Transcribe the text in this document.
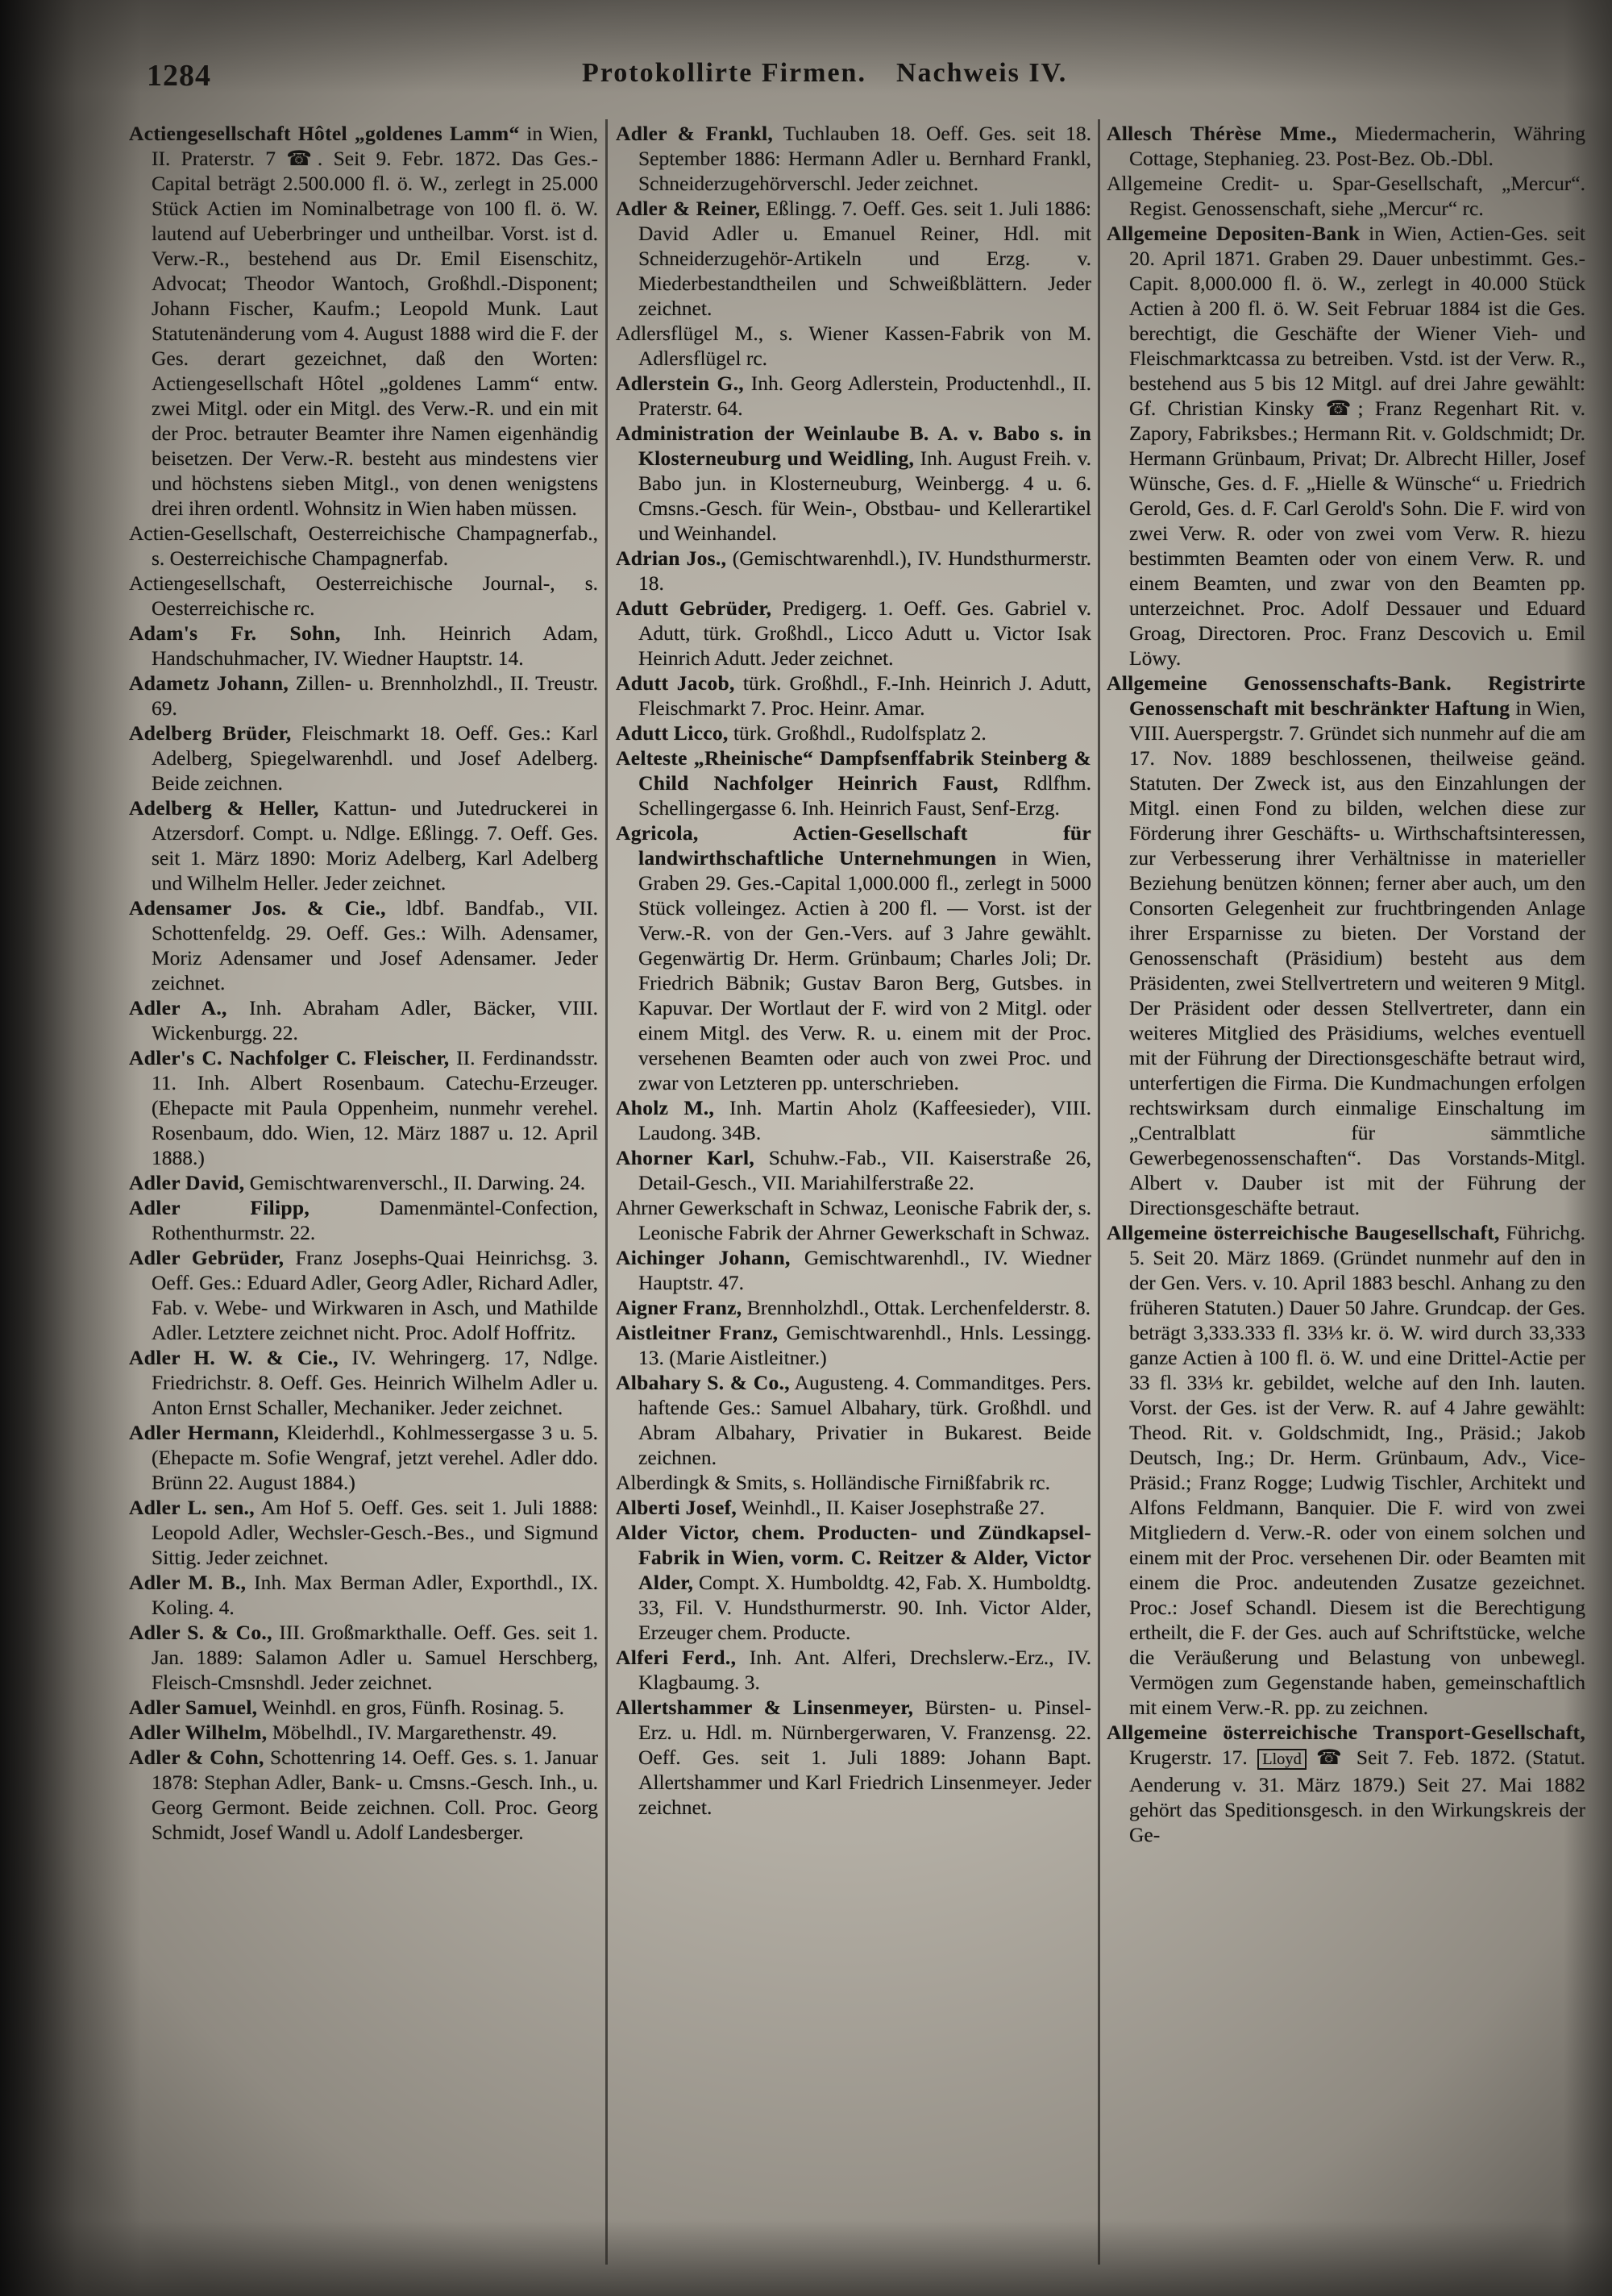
1284	Protokollirte Firmen. Nachweis IV.

Actiengesellschaft Hôtel „goldenes Lamm“ in Wien, II. Praterstr. 7 ☎. Seit 9. Febr. 1872. Das Ges.-Capital beträgt 2.500.000 fl. ö. W., zerlegt in 25.000 Stück Actien im Nominalbetrage von 100 fl. ö. W. lautend auf Ueberbringer und untheilbar. Vorst. ist d. Verw.-R., bestehend aus Dr. Emil Eisenschitz, Advocat; Theodor Wantoch, Großhdl.-Disponent; Johann Fischer, Kaufm.; Leopold Munk. Laut Statutenänderung vom 4. August 1888 wird die F. der Ges. derart gezeichnet, daß den Worten: Actiengesellschaft Hôtel „goldenes Lamm“ entw. zwei Mitgl. oder ein Mitgl. des Verw.-R. und ein mit der Proc. betrauter Beamter ihre Namen eigenhändig beisetzen. Der Verw.-R. besteht aus mindestens vier und höchstens sieben Mitgl., von denen wenigstens drei ihren ordentl. Wohnsitz in Wien haben müssen.

Actien-Gesellschaft, Oesterreichische Champagnerfab., s. Oesterreichische Champagnerfab.

Actiengesellschaft, Oesterreichische Journal-, s. Oesterreichische rc.

Adam's Fr. Sohn, Inh. Heinrich Adam, Handschuhmacher, IV. Wiedner Hauptstr. 14.

Adametz Johann, Zillen- u. Brennholzhdl., II. Treustr. 69.

Adelberg Brüder, Fleischmarkt 18. Oeff. Ges.: Karl Adelberg, Spiegelwarenhdl. und Josef Adelberg. Beide zeichnen.

Adelberg & Heller, Kattun- und Jutedruckerei in Atzersdorf. Compt. u. Ndlge. Eßlingg. 7. Oeff. Ges. seit 1. März 1890: Moriz Adelberg, Karl Adelberg und Wilhelm Heller. Jeder zeichnet.

Adensamer Jos. & Cie., ldbf. Bandfab., VII. Schottenfeldg. 29. Oeff. Ges.: Wilh. Adensamer, Moriz Adensamer und Josef Adensamer. Jeder zeichnet.

Adler A., Inh. Abraham Adler, Bäcker, VIII. Wickenburgg. 22.

Adler's C. Nachfolger C. Fleischer, II. Ferdinandsstr. 11. Inh. Albert Rosenbaum. Catechu-Erzeuger. (Ehepacte mit Paula Oppenheim, nunmehr verehel. Rosenbaum, ddo. Wien, 12. März 1887 u. 12. April 1888.)

Adler David, Gemischtwarenverschl., II. Darwing. 24.

Adler Filipp,	Damenmäntel-Confection, Rothenthurmstr. 22.

Adler Gebrüder, Franz Josephs-Quai Heinrichsg. 3. Oeff. Ges.: Eduard Adler, Georg Adler, Richard Adler, Fab. v. Webe- und Wirkwaren in Asch, und Mathilde Adler. Letztere zeichnet nicht. Proc. Adolf Hoffritz.

Adler H. W. & Cie., IV. Wehringerg. 17, Ndlge. Friedrichstr. 8. Oeff. Ges. Heinrich Wilhelm Adler u. Anton Ernst Schaller, Mechaniker. Jeder zeichnet.

Adler Hermann, Kleiderhdl., Kohlmessergasse 3 u. 5. (Ehepacte m. Sofie Wengraf, jetzt verehel. Adler ddo. Brünn 22. August 1884.)

Adler L. sen., Am Hof 5. Oeff. Ges. seit 1. Juli 1888: Leopold Adler, Wechsler-Gesch.-Bes., und Sigmund Sittig. Jeder zeichnet.

Adler M. B., Inh. Max Berman Adler, Exporthdl., IX. Koling. 4.

Adler S. & Co., III. Großmarkthalle. Oeff. Ges. seit 1. Jan. 1889: Salamon Adler u. Samuel Herschberg, Fleisch-Cmsnshdl. Jeder zeichnet.

Adler Samuel, Weinhdl. en gros, Fünfh. Rosinag. 5.

Adler Wilhelm, Möbelhdl., IV. Margarethenstr. 49.

Adler & Cohn, Schottenring 14. Oeff. Ges. s. 1. Januar 1878: Stephan Adler, Bank- u. Cmsns.-Gesch. Inh., u. Georg Germont. Beide zeichnen. Coll. Proc. Georg Schmidt, Josef Wandl u. Adolf Landesberger.

Adler & Frankl, Tuchlauben 18. Oeff. Ges. seit 18. September 1886: Hermann Adler u. Bernhard Frankl, Schneiderzugehörverschl. Jeder zeichnet.

Adler & Reiner, Eßlingg. 7. Oeff. Ges. seit 1. Juli 1886: David Adler u. Emanuel Reiner, Hdl. mit Schneiderzugehör-Artikeln und Erzg. v. Miederbestandtheilen und Schweißblättern. Jeder zeichnet.

Adlersflügel M., s. Wiener Kassen-Fabrik von M. Adlersflügel rc.

Adlerstein G., Inh. Georg Adlerstein, Productenhdl., II. Praterstr. 64.

Administration der Weinlaube B. A. v. Babo s. in Klosterneuburg und Weidling, Inh. August Freih. v. Babo jun. in Klosterneuburg, Weinbergg. 4 u. 6. Cmsns.-Gesch. für Wein-, Obstbau- und Kellerartikel und Weinhandel.

Adrian Jos., (Gemischtwarenhdl.), IV. Hundsthurmerstr. 18.

Adutt Gebrüder, Predigerg. 1. Oeff. Ges. Gabriel v. Adutt, türk. Großhdl., Licco Adutt u. Victor Isak Heinrich Adutt. Jeder zeichnet.

Adutt Jacob, türk. Großhdl., F.-Inh. Heinrich J. Adutt, Fleischmarkt 7. Proc. Heinr. Amar.

Adutt Licco, türk. Großhdl., Rudolfsplatz 2.

Aelteste „Rheinische“ Dampfsenffabrik Steinberg & Child Nachfolger Heinrich Faust, Rdlfhm. Schellingergasse 6. Inh. Heinrich Faust, Senf-Erzg.

Agricola, Actien-Gesellschaft für landwirthschaftliche Unternehmungen in Wien, Graben 29. Ges.-Capital 1,000.000 fl., zerlegt in 5000 Stück volleingez. Actien à 200 fl. — Vorst. ist der Verw.-R. von der Gen.-Vers. auf 3 Jahre gewählt. Gegenwärtig Dr. Herm. Grünbaum; Charles Joli; Dr. Friedrich Bäbnik; Gustav Baron Berg, Gutsbes. in Kapuvar. Der Wortlaut der F. wird von 2 Mitgl. oder einem Mitgl. des Verw. R. u. einem mit der Proc. versehenen Beamten oder auch von zwei Proc. und zwar von Letzteren pp. unterschrieben.

Aholz M., Inh. Martin Aholz (Kaffeesieder), VIII. Laudong. 34B.

Ahorner Karl, Schuhw.-Fab., VII. Kaiserstraße 26, Detail-Gesch., VII. Mariahilferstraße 22.

Ahrner Gewerkschaft in Schwaz, Leonische Fabrik der, s. Leonische Fabrik der Ahrner Gewerkschaft in Schwaz.

Aichinger Johann, Gemischtwarenhdl., IV. Wiedner Hauptstr. 47.

Aigner Franz, Brennholzhdl., Ottak. Lerchenfelderstr. 8.

Aistleitner Franz, Gemischtwarenhdl., Hnls. Lessingg. 13. (Marie Aistleitner.)

Albahary S. & Co., Augusteng. 4. Commanditges. Pers. haftende Ges.: Samuel Albahary, türk. Großhdl. und Abram Albahary, Privatier in Bukarest. Beide zeichnen.

Alberdingk & Smits, s. Holländische Firnißfabrik rc.

Alberti Josef, Weinhdl., II. Kaiser Josephstraße 27.

Alder Victor, chem. Producten- und Zündkapsel-Fabrik in Wien, vorm. C. Reitzer & Alder, Victor Alder, Compt. X. Humboldtg. 42, Fab. X. Humboldtg. 33, Fil. V. Hundsthurmerstr. 90. Inh. Victor Alder, Erzeuger chem. Producte.

Alferi Ferd., Inh. Ant. Alferi, Drechslerw.-Erz., IV. Klagbaumg. 3.

Allertshammer & Linsenmeyer, Bürsten- u. Pinsel-Erz. u. Hdl. m. Nürnbergerwaren, V. Franzensg. 22. Oeff. Ges. seit 1. Juli 1889: Johann Bapt. Allertshammer und Karl Friedrich Linsenmeyer. Jeder zeichnet.

Allesch Thérèse Mme., Miedermacherin, Währing Cottage, Stephanieg. 23. Post-Bez. Ob.-Dbl.

Allgemeine Credit- u. Spar-Gesellschaft, „Mercur“. Regist. Genossenschaft, siehe „Mercur“ rc.

Allgemeine Depositen-Bank in Wien, Actien-Ges. seit 20. April 1871. Graben 29. Dauer unbestimmt. Ges.-Capit. 8,000.000 fl. ö. W., zerlegt in 40.000 Stück Actien à 200 fl. ö. W. Seit Februar 1884 ist die Ges. berechtigt, die Geschäfte der Wiener Vieh- und Fleischmarktcassa zu betreiben. Vstd. ist der Verw. R., bestehend aus 5 bis 12 Mitgl. auf drei Jahre gewählt: Gf. Christian Kinsky ☎; Franz Regenhart Rit. v. Zapory, Fabriksbes.; Hermann Rit. v. Goldschmidt; Dr. Hermann Grünbaum, Privat; Dr. Albrecht Hiller, Josef Wünsche, Ges. d. F. „Hielle & Wünsche“ u. Friedrich Gerold, Ges. d. F. Carl Gerold's Sohn. Die F. wird von zwei Verw. R. oder von zwei vom Verw. R. hiezu bestimmten Beamten oder von einem Verw. R. und einem Beamten, und zwar von den Beamten pp. unterzeichnet. Proc. Adolf Dessauer und Eduard Groag, Directoren. Proc. Franz Descovich u. Emil Löwy.

Allgemeine Genossenschafts-Bank. Registrirte Genossenschaft mit beschränkter Haftung in Wien, VIII. Auerspergstr. 7. Gründet sich nunmehr auf die am 17. Nov. 1889 beschlossenen, theilweise geänd. Statuten. Der Zweck ist, aus den Einzahlungen der Mitgl. einen Fond zu bilden, welchen diese zur Förderung ihrer Geschäfts- u. Wirthschaftsinteressen, zur Verbesserung ihrer Verhältnisse in materieller Beziehung benützen können; ferner aber auch, um den Consorten Gelegenheit zur fruchtbringenden Anlage ihrer Ersparnisse zu bieten. Der Vorstand der Genossenschaft (Präsidium) besteht aus dem Präsidenten, zwei Stellvertretern und weiteren 9 Mitgl. Der Präsident oder dessen Stellvertreter, dann ein weiteres Mitglied des Präsidiums, welches eventuell mit der Führung der Directionsgeschäfte betraut wird, unterfertigen die Firma. Die Kundmachungen erfolgen rechtswirksam durch einmalige Einschaltung im „Centralblatt für sämmtliche Gewerbegenossenschaften“. Das Vorstands-Mitgl. Albert v. Dauber ist mit der Führung der Directionsgeschäfte betraut.

Allgemeine österreichische Baugesellschaft, Führichg. 5. Seit 20. März 1869. (Gründet nunmehr auf den in der Gen. Vers. v. 10. April 1883 beschl. Anhang zu den früheren Statuten.) Dauer 50 Jahre. Grundcap. der Ges. beträgt 3,333.333 fl. 33⅓ kr. ö. W. wird durch 33,333 ganze Actien à 100 fl. ö. W. und eine Drittel-Actie per 33 fl. 33⅓ kr. gebildet, welche auf den Inh. lauten. Vorst. der Ges. ist der Verw. R. auf 4 Jahre gewählt: Theod. Rit. v. Goldschmidt, Ing., Präsid.; Jakob Deutsch, Ing.; Dr. Herm. Grünbaum, Adv., Vice-Präsid.; Franz Rogge; Ludwig Tischler, Architekt und Alfons Feldmann, Banquier. Die F. wird von zwei Mitgliedern d. Verw.-R. oder von einem solchen und einem mit der Proc. versehenen Dir. oder Beamten mit einem die Proc. andeutenden Zusatze gezeichnet. Proc.: Josef Schandl. Diesem ist die Berechtigung ertheilt, die F. der Ges. auch auf Schriftstücke, welche die Veräußerung und Belastung von unbewegl. Vermögen zum Gegenstande haben, gemeinschaftlich mit einem Verw.-R. pp. zu zeichnen.

Allgemeine österreichische Transport-Gesellschaft, Krugerstr. 17. Lloyd ☎ Seit 7. Feb. 1872. (Statut. Aenderung v. 31. März 1879.) Seit 27. Mai 1882 gehört das Speditionsgesch. in den Wirkungskreis der Ge-
